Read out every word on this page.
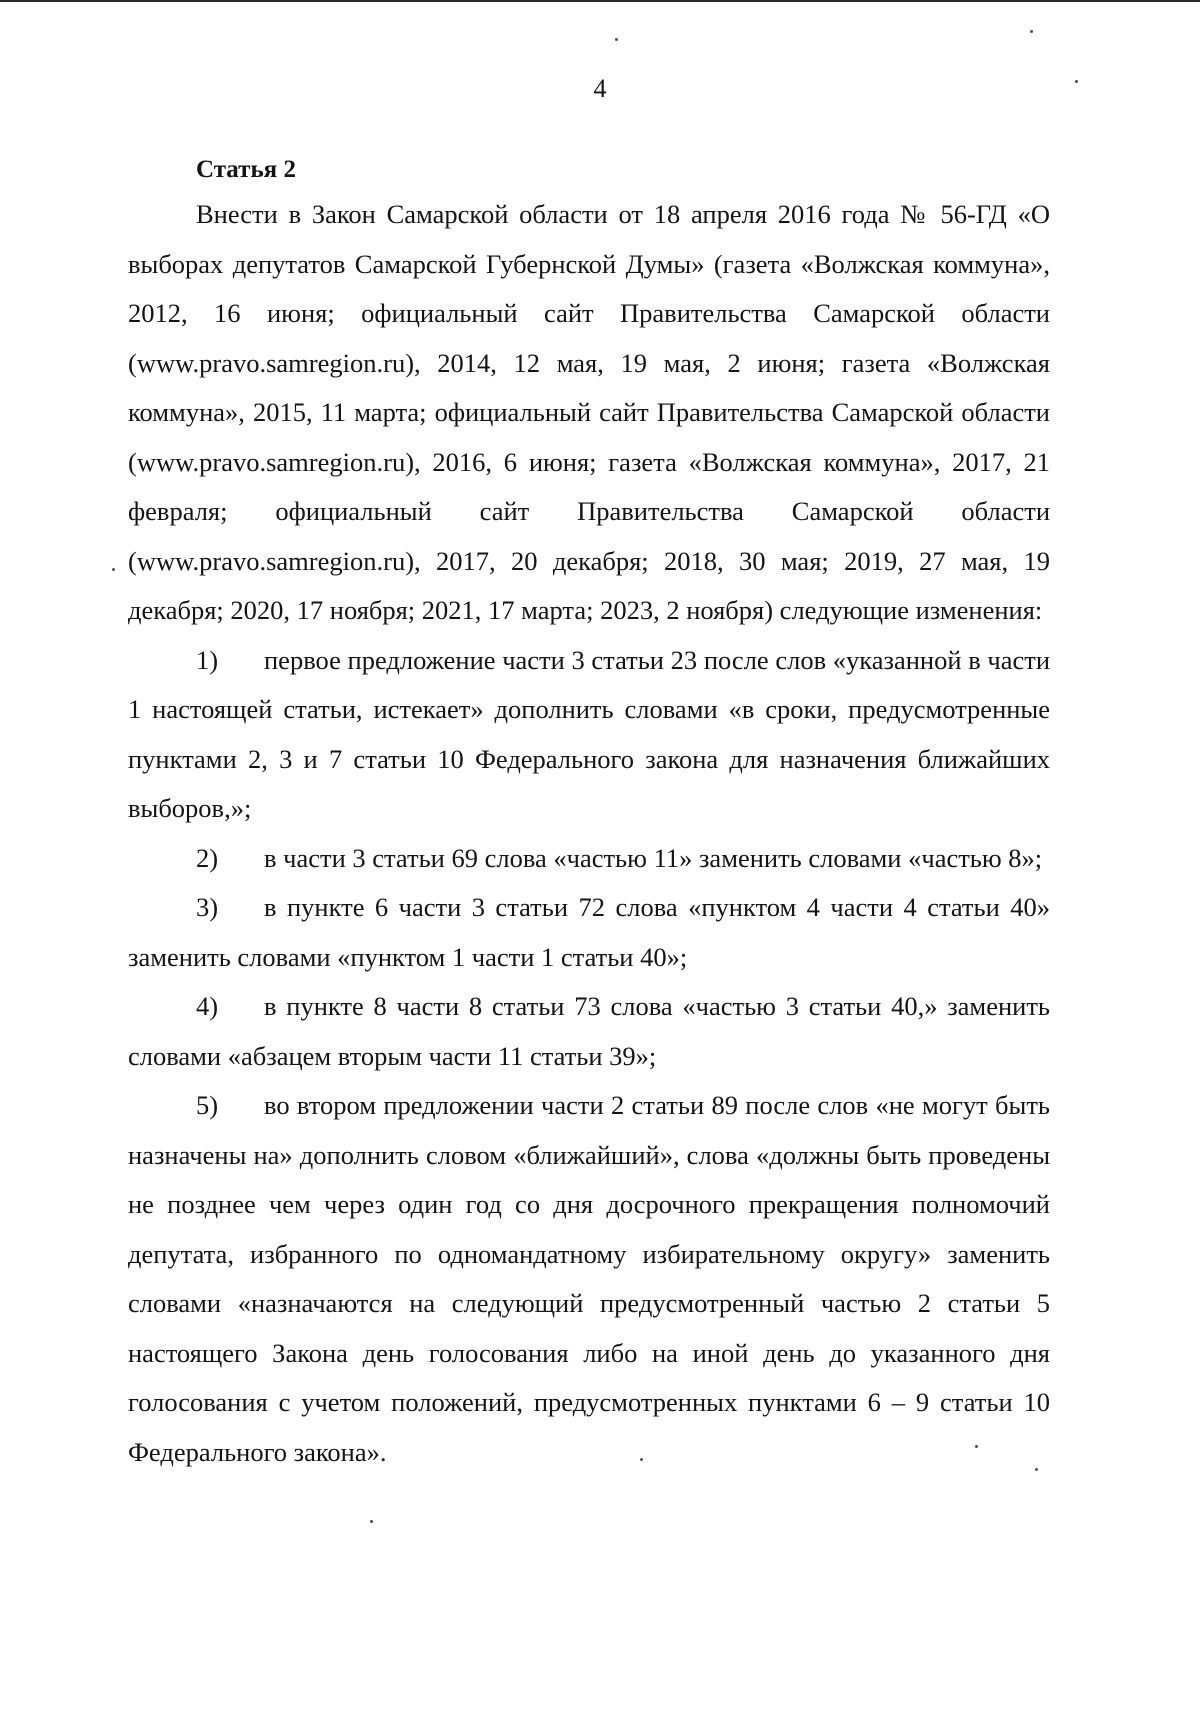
4

Статья 2

Внести в Закон Самарской области от 18 апреля 2016 года № 56-ГД «О выборах депутатов Самарской Губернской Думы» (газета «Волжская коммуна», 2012, 16 июня; официальный сайт Правительства Самарской области (www.pravo.samregion.ru), 2014, 12 мая, 19 мая, 2 июня; газета «Волжская коммуна», 2015, 11 марта; официальный сайт Правительства Самарской области (www.pravo.samregion.ru), 2016, 6 июня; газета «Волжская коммуна», 2017, 21 февраля; официальный сайт Правительства Самарской области (www.pravo.samregion.ru), 2017, 20 декабря; 2018, 30 мая; 2019, 27 мая, 19 декабря; 2020, 17 ноября; 2021, 17 марта; 2023, 2 ноября) следующие изменения:

1) первое предложение части 3 статьи 23 после слов «указанной в части 1 настоящей статьи, истекает» дополнить словами «в сроки, предусмотренные пунктами 2, 3 и 7 статьи 10 Федерального закона для назначения ближайших выборов,»;

2) в части 3 статьи 69 слова «частью 11» заменить словами «частью 8»;

3) в пункте 6 части 3 статьи 72 слова «пунктом 4 части 4 статьи 40» заменить словами «пунктом 1 части 1 статьи 40»;

4) в пункте 8 части 8 статьи 73 слова «частью 3 статьи 40,» заменить словами «абзацем вторым части 11 статьи 39»;

5) во втором предложении части 2 статьи 89 после слов «не могут быть назначены на» дополнить словом «ближайший», слова «должны быть проведены не позднее чем через один год со дня досрочного прекращения полномочий депутата, избранного по одномандатному избирательному округу» заменить словами «назначаются на следующий предусмотренный частью 2 статьи 5 настоящего Закона день голосования либо на иной день до указанного дня голосования с учетом положений, предусмотренных пунктами 6 – 9 статьи 10 Федерального закона».
